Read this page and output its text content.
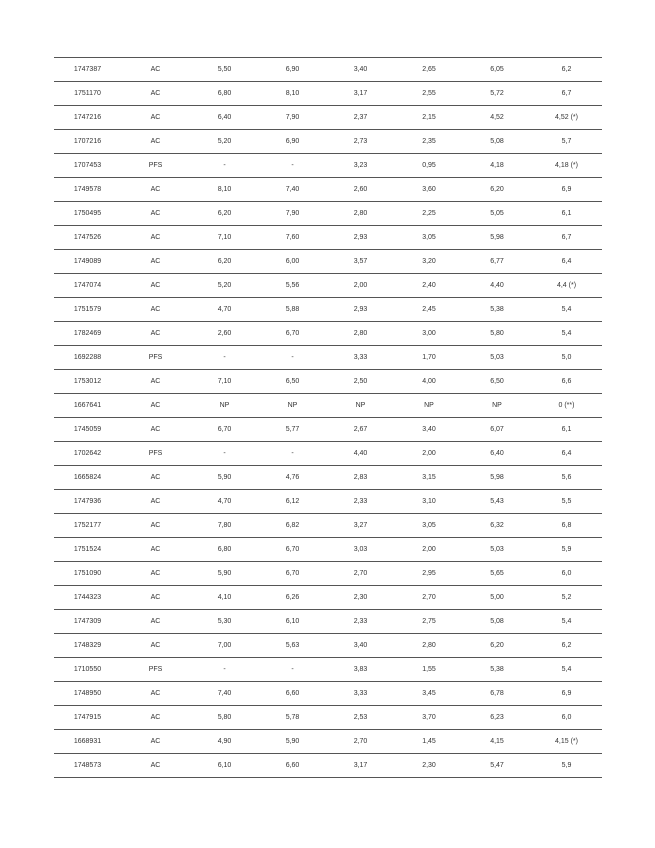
1747387	AC	5,50	6,90	3,40	2,65	6,05	6,2
1751170	AC	6,80	8,10	3,17	2,55	5,72	6,7
1747216	AC	6,40	7,90	2,37	2,15	4,52	4,52 (*)
1707216	AC	5,20	6,90	2,73	2,35	5,08	5,7
1707453	PFS	-	-	3,23	0,95	4,18	4,18 (*)
1749578	AC	8,10	7,40	2,60	3,60	6,20	6,9
1750495	AC	6,20	7,90	2,80	2,25	5,05	6,1
1747526	AC	7,10	7,60	2,93	3,05	5,98	6,7
1749089	AC	6,20	6,00	3,57	3,20	6,77	6,4
1747074	AC	5,20	5,56	2,00	2,40	4,40	4,4 (*)
1751579	AC	4,70	5,88	2,93	2,45	5,38	5,4
1782469	AC	2,60	6,70	2,80	3,00	5,80	5,4
1692288	PFS	-	-	3,33	1,70	5,03	5,0
1753012	AC	7,10	6,50	2,50	4,00	6,50	6,6
1667641	AC	NP	NP	NP	NP	NP	0 (**)
1745059	AC	6,70	5,77	2,67	3,40	6,07	6,1
1702642	PFS	-	-	4,40	2,00	6,40	6,4
1665824	AC	5,90	4,76	2,83	3,15	5,98	5,6
1747936	AC	4,70	6,12	2,33	3,10	5,43	5,5
1752177	AC	7,80	6,82	3,27	3,05	6,32	6,8
1751524	AC	6,80	6,70	3,03	2,00	5,03	5,9
1751090	AC	5,90	6,70	2,70	2,95	5,65	6,0
1744323	AC	4,10	6,26	2,30	2,70	5,00	5,2
1747309	AC	5,30	6,10	2,33	2,75	5,08	5,4
1748329	AC	7,00	5,63	3,40	2,80	6,20	6,2
1710550	PFS	-	-	3,83	1,55	5,38	5,4
1748950	AC	7,40	6,60	3,33	3,45	6,78	6,9
1747915	AC	5,80	5,78	2,53	3,70	6,23	6,0
1668931	AC	4,90	5,90	2,70	1,45	4,15	4,15 (*)
1748573	AC	6,10	6,60	3,17	2,30	5,47	5,9
